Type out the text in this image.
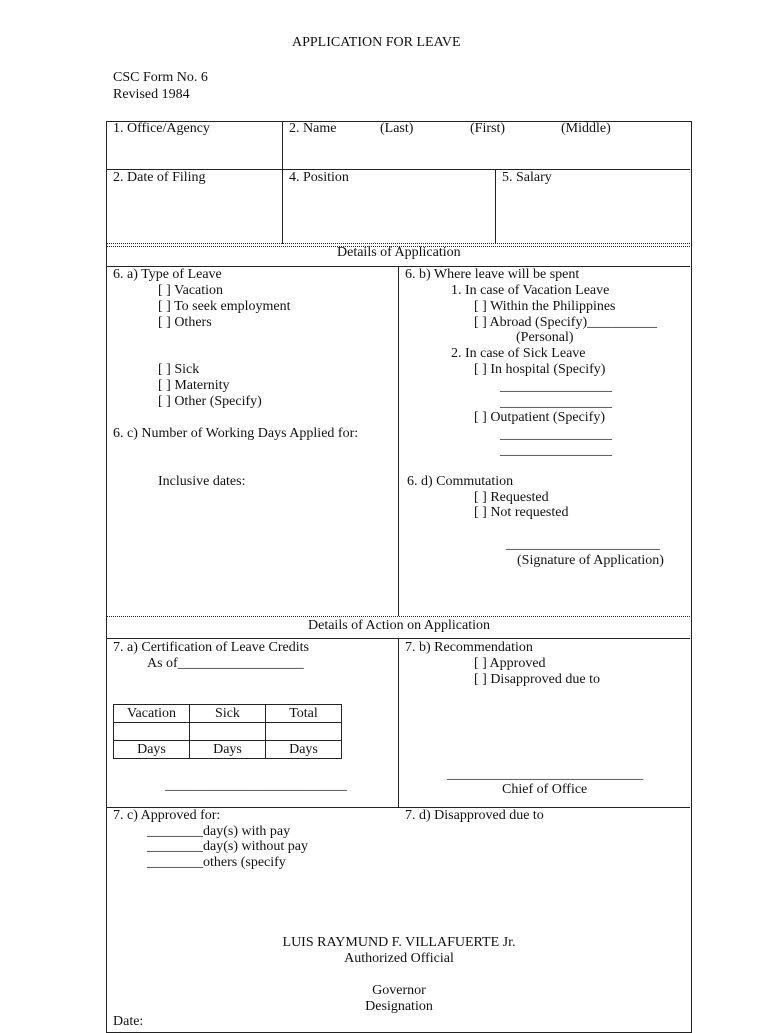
APPLICATION FOR LEAVE
CSC Form No. 6
Revised 1984
1. Office/Agency	2. Name	(Last)	(First)	(Middle)
2. Date of Filing	4. Position	5. Salary
Details of Application
6. a) Type of Leave
[ ] Vacation
[ ] To seek employment
[ ] Others
[ ] Sick
[ ] Maternity
[ ] Other (Specify)
6. c) Number of Working Days Applied for:
Inclusive dates:
6. b) Where leave will be spent
1. In case of Vacation Leave
[ ] Within the Philippines
[ ] Abroad (Specify)__________
(Personal)
2. In case of Sick Leave
[ ] In hospital (Specify)
________________
________________
[ ] Outpatient (Specify)
________________
________________
6. d) Commutation
[ ] Requested
[ ] Not requested
______________________
(Signature of Application)
Details of Action on Application
7. a) Certification of Leave Credits
As of__________________
Vacation	Sick	Total

Days	Days	Days
__________________________
7. b) Recommendation
[ ] Approved
[ ] Disapproved due to
____________________________
Chief of Office
7. c) Approved for:
________day(s) with pay
________day(s) without pay
________others (specify
7. d) Disapproved due to
LUIS RAYMUND F. VILLAFUERTE Jr.
Authorized Official
Governor
Designation
Date:
